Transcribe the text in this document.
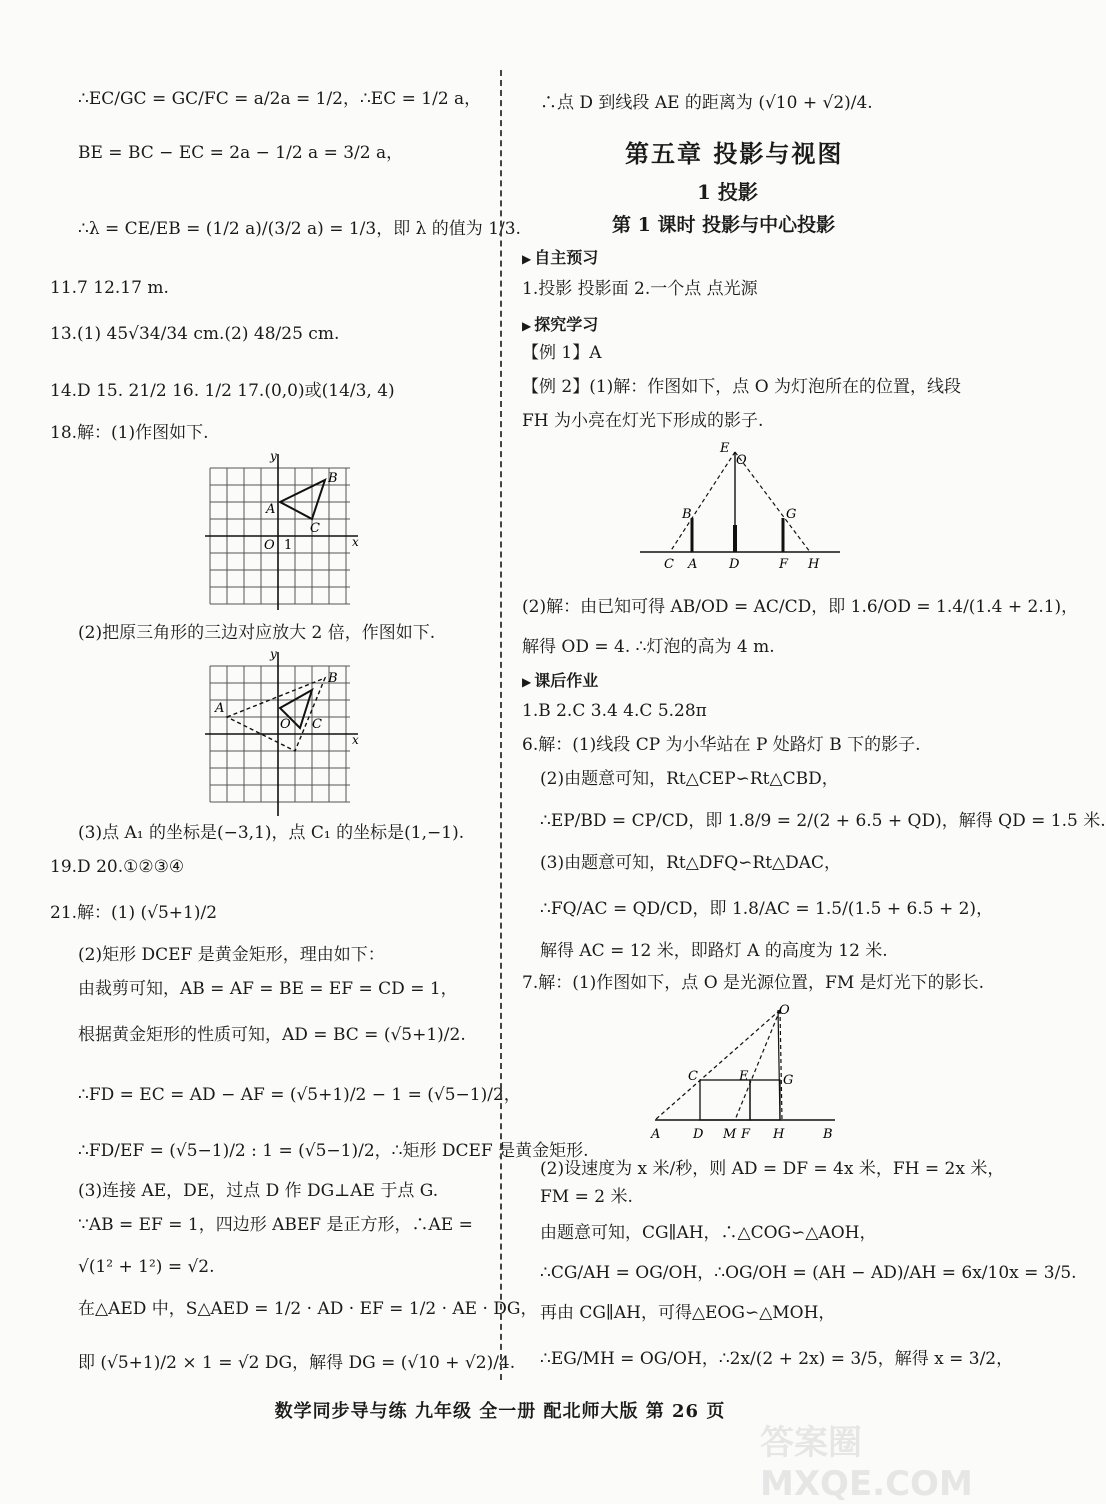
∴EC/GC = GC/FC = a/2a = 1/2，∴EC = 1/2 a，
BE = BC − EC = 2a − 1/2 a = 3/2 a，
∴λ = CE/EB = (1/2 a)/(3/2 a) = 1/3，即 λ 的值为 1/3.
11.7 12.17 m.
13.(1) 45√34/34 cm.(2) 48/25 cm.
14.D 15. 21/2 16. 1/2 17.(0,0)或(14/3, 4)
18.解：(1)作图如下.
y
x
O 1
A
B
C
(2)把原三角形的三边对应放大 2 倍，作图如下.
y
x
O
A
B
C
(3)点 A₁ 的坐标是(−3,1)，点 C₁ 的坐标是(1,−1).
19.D 20.①②③④
21.解：(1) (√5+1)/2
(2)矩形 DCEF 是黄金矩形，理由如下：
由裁剪可知，AB = AF = BE = EF = CD = 1，
根据黄金矩形的性质可知，AD = BC = (√5+1)/2.
∴FD = EC = AD − AF = (√5+1)/2 − 1 = (√5−1)/2，
∴FD/EF = (√5−1)/2 : 1 = (√5−1)/2，∴矩形 DCEF 是黄金矩形.
(3)连接 AE，DE，过点 D 作 DG⊥AE 于点 G.
∵AB = EF = 1，四边形 ABEF 是正方形，∴AE =
√(1² + 1²) = √2.
在△AED 中，S△AED = 1/2 · AD · EF = 1/2 · AE · DG，
即 (√5+1)/2 × 1 = √2 DG，解得 DG = (√10 + √2)/4.
∴点 D 到线段 AE 的距离为 (√10 + √2)/4.
第五章 投影与视图
1 投影
第 1 课时 投影与中心投影
▶ 自主预习
1.投影 投影面 2.一个点 点光源
▶ 探究学习
【例 1】A
【例 2】(1)解：作图如下，点 O 为灯泡所在的位置，线段
FH 为小亮在灯光下形成的影子.
E
O
B	G
C A D	F H
(2)解：由已知可得 AB/OD = AC/CD，即 1.6/OD = 1.4/(1.4 + 2.1)，
解得 OD = 4. ∴灯泡的高为 4 m.
▶ 课后作业
1.B 2.C 3.4 4.C 5.28π
6.解：(1)线段 CP 为小华站在 P 处路灯 B 下的影子.
(2)由题意可知，Rt△CEP∽Rt△CBD，
∴EP/BD = CP/CD，即 1.8/9 = 2/(2 + 6.5 + QD)，解得 QD = 1.5 米.
(3)由题意可知，Rt△DFQ∽Rt△DAC，
∴FQ/AC = QD/CD，即 1.8/AC = 1.5/(1.5 + 6.5 + 2)，
解得 AC = 12 米，即路灯 A 的高度为 12 米.
7.解：(1)作图如下，点 O 是光源位置，FM 是灯光下的影长.
O
C	E	G
A	D M F H	B
(2)设速度为 x 米/秒，则 AD = DF = 4x 米，FH = 2x 米，
FM = 2 米.
由题意可知，CG∥AH，∴△COG∽△AOH，
∴CG/AH = OG/OH，∴OG/OH = (AH − AD)/AH = 6x/10x = 3/5.
再由 CG∥AH，可得△EOG∽△MOH，
∴EG/MH = OG/OH，∴2x/(2 + 2x) = 3/5，解得 x = 3/2，
数学同步导与练 九年级 全一册 配北师大版 第 26 页
答案圈 MXQE.COM
